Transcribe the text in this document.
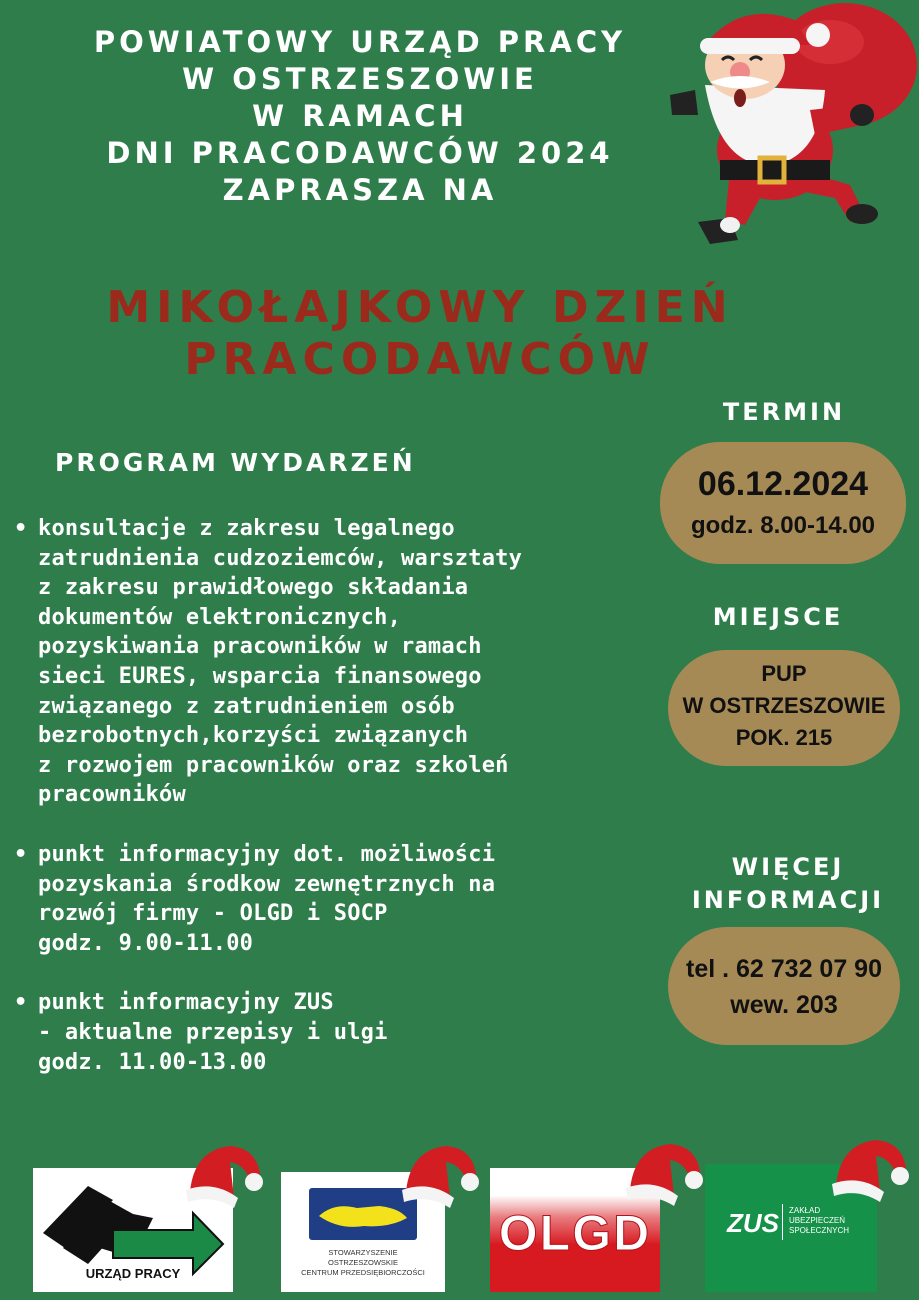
POWIATOWY URZĄD PRACY
W OSTRZESZOWIE
W RAMACH
DNI PRACODAWCÓW 2024
ZAPRASZA NA
MIKOŁAJKOWY DZIEŃ
PRACODAWCÓW
PROGRAM WYDARZEŃ
• konsultacje z zakresu legalnego
zatrudnienia cudzoziemców, warsztaty
z zakresu prawidłowego składania
dokumentów elektronicznych,
pozyskiwania pracowników w ramach
sieci EURES, wsparcia finansowego
związanego z zatrudnieniem osób
bezrobotnych,korzyści związanych
z rozwojem pracowników oraz szkoleń
pracowników
• punkt informacyjny dot. możliwości
pozyskania środkow zewnętrznych na
rozwój firmy - OLGD i SOCP
godz. 9.00-11.00
• punkt informacyjny ZUS
- aktualne przepisy i ulgi
godz. 11.00-13.00
TERMIN
06.12.2024
godz. 8.00-14.00
MIEJSCE
PUP
W OSTRZESZOWIE
POK. 215
WIĘCEJ
INFORMACJI
tel . 62 732 07 90
wew. 203
URZĄD PRACY
STOWARZYSZENIE
OSTRZESZOWSKIE
CENTRUM PRZEDSIĘBIORCZOŚCI
OLGD	ZUS ZAKŁAD
UBEZPIECZEŃ
SPOŁECZNYCH
